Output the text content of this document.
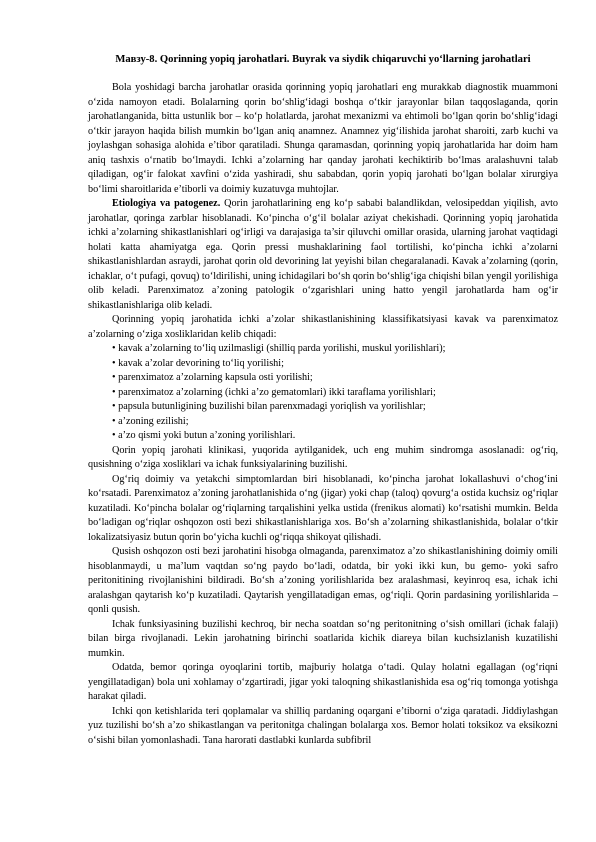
Мавзу-8. Qorinning yopiq jarohatlari. Buyrak va siydik chiqaruvchi yo‘llarning jarohatlari

Bola yoshidagi barcha jarohatlar orasida qorinning yopiq jarohatlari eng murakkab diagnostik muammoni o‘zida namoyon etadi. Bolalarning qorin bo‘shlig‘idagi boshqa o‘tkir jarayonlar bilan taqqoslaganda, qorin jarohatlanganida, bitta ustunlik bor – ko‘p holatlarda, jarohat mexanizmi va ehtimoli bo‘lgan qorin bo‘shlig‘idagi o‘tkir jarayon haqida bilish mumkin bo‘lgan aniq anamnez. Anamnez yig‘ilishida jarohat sharoiti, zarb kuchi va joylashgan sohasiga alohida e’tibor qaratiladi. Shunga qaramasdan, qorinning yopiq jarohatlarida har doim ham aniq tashxis o‘rnatib bo‘lmaydi. Ichki a’zolarning har qanday jarohati kechiktirib bo‘lmas aralashuvni talab qiladigan, og‘ir falokat xavfini o‘zida yashiradi, shu sababdan, qorin yopiq jarohati bo‘lgan bolalar xirurgiya bo‘limi sharoitlarida e’tiborli va doimiy kuzatuvga muhtojlar.

Etiologiya va patogenez. Qorin jarohatlarining eng ko‘p sababi balandlikdan, velosipeddan yiqilish, avto jarohatlar, qoringa zarblar hisoblanadi. Ko‘pincha o‘g‘il bolalar aziyat chekishadi. Qorinning yopiq jarohatida ichki a’zolarning shikastlanishlari og‘irligi va darajasiga ta’sir qiluvchi omillar orasida, ularning jarohat vaqtidagi holati katta ahamiyatga ega. Qorin pressi mushaklarining faol tortilishi, ko‘pincha ichki a’zolarni shikastlanishlardan asraydi, jarohat qorin old devorining lat yeyishi bilan chegaralanadi. Kavak a’zolarning (qorin, ichaklar, o‘t pufagi, qovuq) to‘ldirilishi, uning ichidagilari bo‘sh qorin bo‘shlig‘iga chiqishi bilan yengil yorilishiga olib keladi. Parenximatoz a’zoning patologik o‘zgarishlari uning hatto yengil jarohatlarda ham og‘ir shikastlanishlariga olib keladi.

Qorinning yopiq jarohatida ichki a’zolar shikastlanishining klassifikatsiyasi kavak va parenximatoz a’zolarning o‘ziga xosliklaridan kelib chiqadi:

• kavak a’zolarning to‘liq uzilmasligi (shilliq parda yorilishi, muskul yorilishlari);
• kavak a’zolar devorining to‘liq yorilishi;
• parenximatoz a’zolarning kapsula osti yorilishi;
• parenximatoz a’zolarning (ichki a’zo gematomlari) ikki taraflama yorilishlari;
• papsula butunligining buzilishi bilan parenxmadagi yoriqlish va yorilishlar;
• a’zoning ezilishi;
• a’zo qismi yoki butun a’zoning yorilishlari.

Qorin yopiq jarohati klinikasi, yuqorida aytilganidek, uch eng muhim sindromga asoslanadi: og‘riq, qusishning o‘ziga xosliklari va ichak funksiyalarining buzilishi.

Og‘riq doimiy va yetakchi simptomlardan biri hisoblanadi, ko‘pincha jarohat lokallashuvi o‘chog‘ini ko‘rsatadi. Parenximatoz a’zoning jarohatlanishida o‘ng (jigar) yoki chap (taloq) qovurg‘a ostida kuchsiz og‘riqlar kuzatiladi. Ko‘pincha bolalar og‘riqlarning tarqalishini yelka ustida (frenikus alomati) ko‘rsatishi mumkin. Belda bo‘ladigan og‘riqlar oshqozon osti bezi shikastlanishlariga xos. Bo‘sh a’zolarning shikastlanishida, bolalar o‘tkir lokalizatsiyasiz butun qorin bo‘yicha kuchli og‘riqqa shikoyat qilishadi.

Qusish oshqozon osti bezi jarohatini hisobga olmaganda, parenximatoz a’zo shikastlanishining doimiy omili hisoblanmaydi, u ma’lum vaqtdan so‘ng paydo bo‘ladi, odatda, bir yoki ikki kun, bu gemo- yoki safro peritonitining rivojlanishini bildiradi. Bo‘sh a’zoning yorilishlarida bez aralashmasi, keyinroq esa, ichak ichi aralashgan qaytarish ko‘p kuzatiladi. Qaytarish yengillatadigan emas, og‘riqli. Qorin pardasining yorilishlarida – qonli qusish.

Ichak funksiyasining buzilishi kechroq, bir necha soatdan so‘ng peritonitning o‘sish omillari (ichak falaji) bilan birga rivojlanadi. Lekin jarohatning birinchi soatlarida kichik diareya bilan kuchsizlanish kuzatilishi mumkin.

Odatda, bemor qoringa oyoqlarini tortib, majburiy holatga o‘tadi. Qulay holatni egallagan (og‘riqni yengillatadigan) bola uni xohlamay o‘zgartiradi, jigar yoki taloqning shikastlanishida esa og‘riq tomonga yotishga harakat qiladi.

Ichki qon ketishlarida teri qoplamalar va shilliq pardaning oqargani e’tiborni o‘ziga qaratadi. Jiddiylashgan yuz tuzilishi bo‘sh a’zo shikastlangan va peritonitga chalingan bolalarga xos. Bemor holati toksikoz va eksikozni o‘sishi bilan yomonlashadi. Tana harorati dastlabki kunlarda subfibril
